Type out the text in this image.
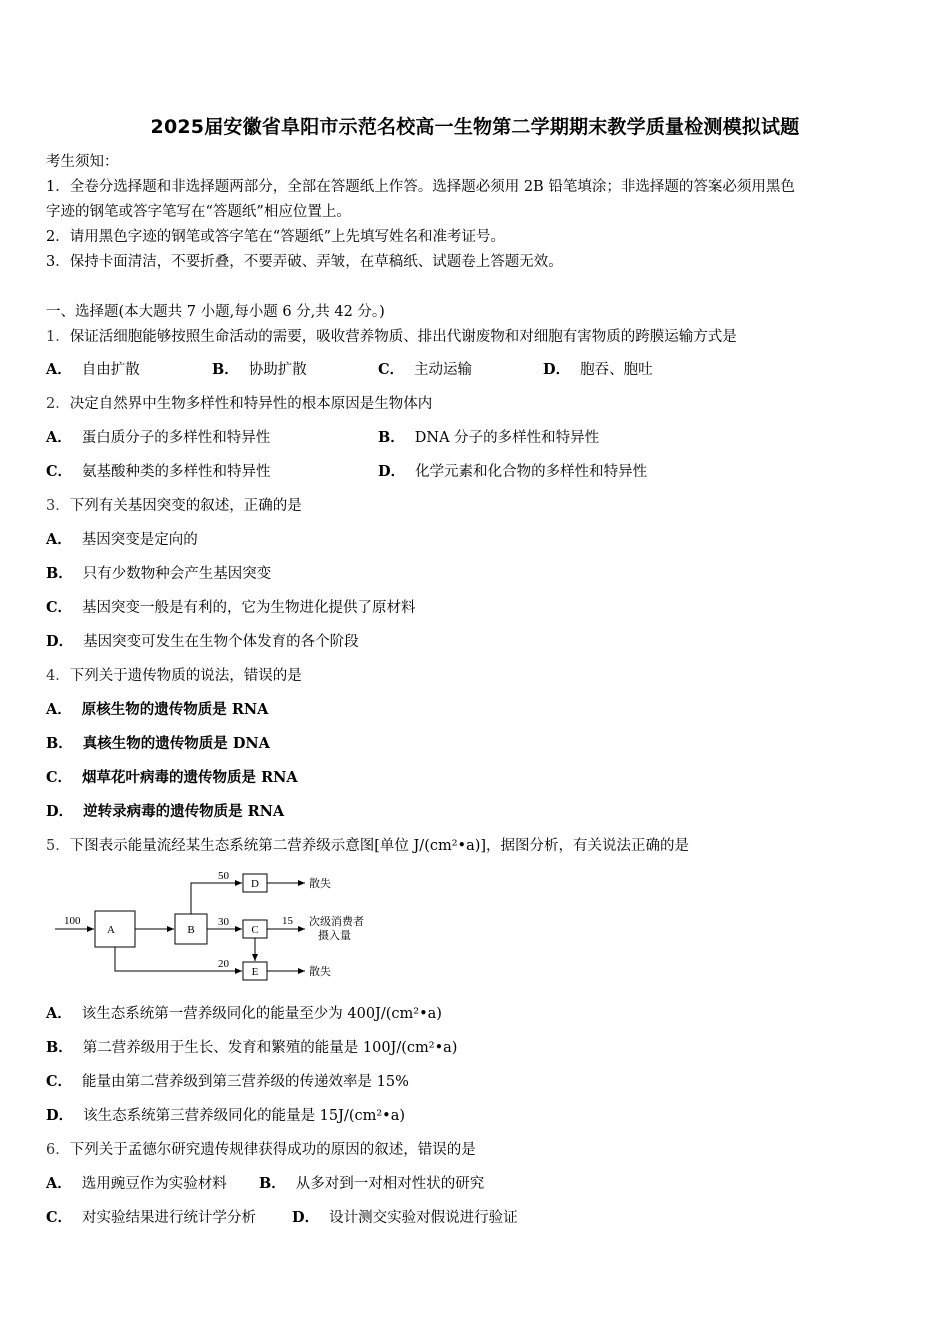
2025届安徽省阜阳市示范名校高一生物第二学期期末教学质量检测模拟试题
考生须知：
1．全卷分选择题和非选择题两部分，全部在答题纸上作答。选择题必须用 2B 铅笔填涂；非选择题的答案必须用黑色
字迹的钢笔或答字笔写在“答题纸”相应位置上。
2．请用黑色字迹的钢笔或答字笔在“答题纸”上先填写姓名和准考证号。
3．保持卡面清洁，不要折叠，不要弄破、弄皱，在草稿纸、试题卷上答题无效。
一、选择题(本大题共 7 小题,每小题 6 分,共 42 分。)
1．保证活细胞能够按照生命活动的需要，吸收营养物质、排出代谢废物和对细胞有害物质的跨膜运输方式是
A． 自由扩散	B． 协助扩散	C． 主动运输	D． 胞吞、胞吐
2．决定自然界中生物多样性和特异性的根本原因是生物体内
A． 蛋白质分子的多样性和特异性	B． DNA 分子的多样性和特异性
C． 氨基酸种类的多样性和特异性	D． 化学元素和化合物的多样性和特异性
3．下列有关基因突变的叙述，正确的是
A． 基因突变是定向的
B． 只有少数物种会产生基因突变
C． 基因突变一般是有利的，它为生物进化提供了原材料
D． 基因突变可发生在生物个体发育的各个阶段
4．下列关于遗传物质的说法，错误的是
A． 原核生物的遗传物质是 RNA
B． 真核生物的遗传物质是 DNA
C． 烟草花叶病毒的遗传物质是 RNA
D． 逆转录病毒的遗传物质是 RNA
5．下图表示能量流经某生态系统第二营养级示意图[单位 J/(cm²•a)]，据图分析，有关说法正确的是
100
A	B
D
C
E
50
30	15
20
散失
散失
次级消费者
摄入量
A． 该生态系统第一营养级同化的能量至少为 400J/(cm²•a)
B． 第二营养级用于生长、发育和繁殖的能量是 100J/(cm²•a)
C． 能量由第二营养级到第三营养级的传递效率是 15%
D． 该生态系统第三营养级同化的能量是 15J/(cm²•a)
6．下列关于孟德尔研究遗传规律获得成功的原因的叙述，错误的是
A． 选用豌豆作为实验材料 B． 从多对到一对相对性状的研究
C． 对实验结果进行统计学分析 D． 设计测交实验对假说进行验证
